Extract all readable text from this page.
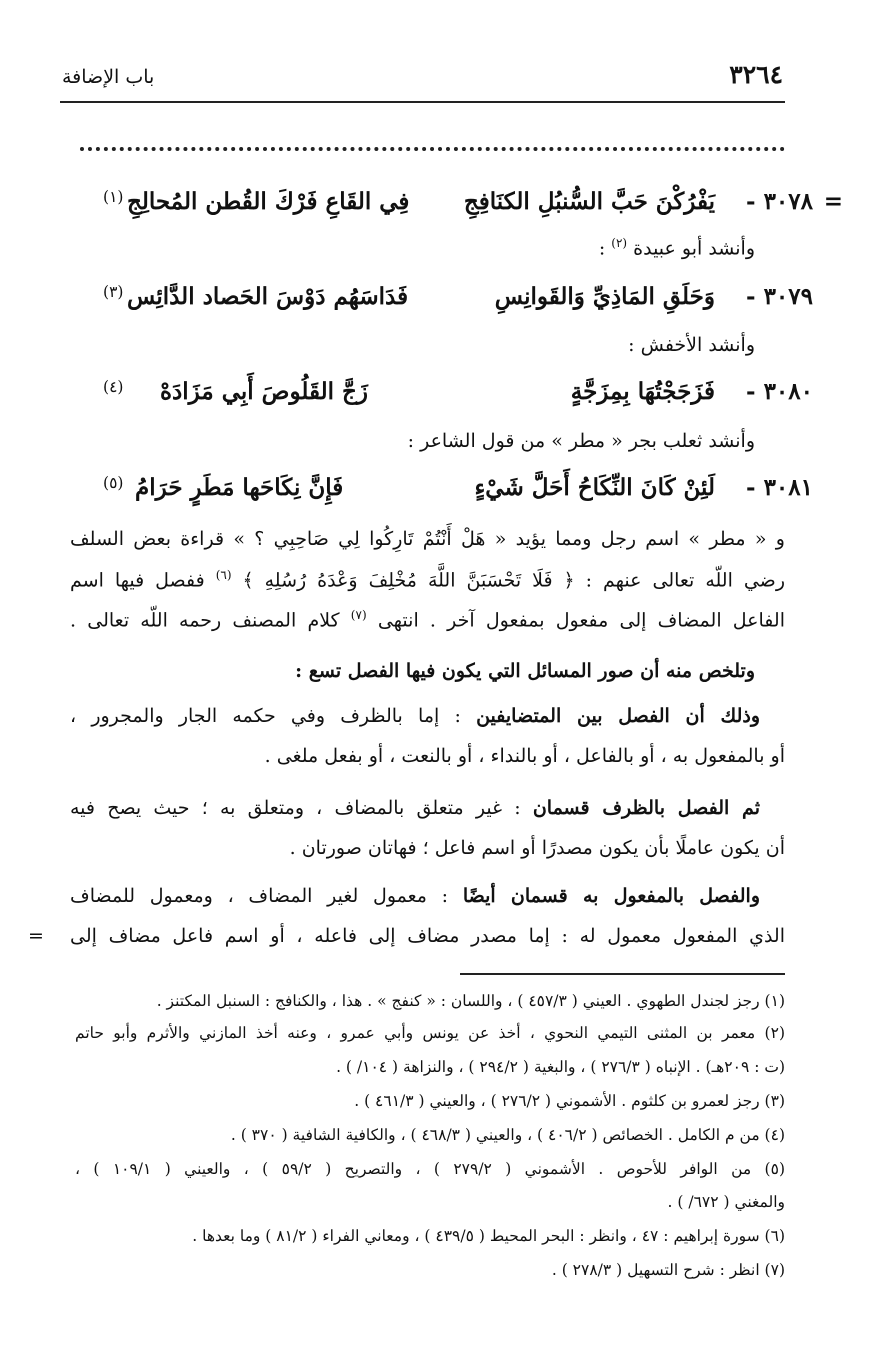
٣٢٦٤
باب الإضافة
=
٣٠٧٨ -
يَفْرُكْنَ حَبَّ السُّنبُلِ الكنَافِجِ
فِي القَاعِ فَرْكَ القُطن المُحالِجِ
(١)
وأنشد أبو عبيدة $^{(٢)}$ :
٣٠٧٩ -
وَحَلَقِ المَاذِيِّ وَالقَوانِسِ
فَدَاسَهُم دَوْسَ الحَصاد الدَّائِس
(٣)
وأنشد الأخفش :
٣٠٨٠ -
فَزَجَجْتُهَا بِمِزَجَّةٍ
زَجَّ القَلُوصَ أَبِي مَزَادَهْ
(٤)
وأنشد ثعلب بجر « مطر » من قول الشاعر :
٣٠٨١ -
لَئِنْ كَانَ النِّكَاحُ أَحَلَّ شَيْءٍ
فَإِنَّ نِكَاحَها مَطَرٍ حَرَامُ
(٥)
و « مطر » اسم رجل ومما يؤيد « هَلْ أَنْتُمْ تَارِكُوا لِي صَاحِبِي ؟ » قراءة بعض السلف
رضي اللّه تعالى عنهم : ﴿ فَلَا تَحْسَبَنَّ اللَّهَ مُخْلِفَ وَعْدَهُ رُسُلِهِ ﴾ $^{(٦)}$ ففصل فيها اسم
الفاعل المضاف إلى مفعول بمفعول آخر . انتهى $^{(٧)}$ كلام المصنف رحمه اللّه تعالى .
وتلخص منه أن صور المسائل التي يكون فيها الفصل تسع :
وذلك أن الفصل بين المتضايفين : إما بالظرف وفي حكمه الجار والمجرور ،
أو بالمفعول به ، أو بالفاعل ، أو بالنداء ، أو بالنعت ، أو بفعل ملغى .
ثم الفصل بالظرف قسمان : غير متعلق بالمضاف ، ومتعلق به ؛ حيث يصح فيه
أن يكون عاملًا بأن يكون مصدرًا أو اسم فاعل ؛ فهاتان صورتان .
والفصل بالمفعول به قسمان أيضًا : معمول لغير المضاف ، ومعمول للمضاف
الذي المفعول معمول له : إما مصدر مضاف إلى فاعله ، أو اسم فاعل مضاف إلى
=
(١) رجز لجندل الطهوي . العيني ( ٤٥٧/٣ ) ، واللسان : « كنفج » . هذا ، والكنافج : السنبل المكتنز .
(٢) معمر بن المثنى التيمي النحوي ، أخذ عن يونس وأبي عمرو ، وعنه أخذ المازني والأثرم وأبو حاتم
(ت : ٢٠٩هـ) . الإنباه ( ٢٧٦/٣ ) ، والبغية ( ٢٩٤/٢ ) ، والنزاهة ( ١٠٤/ ) .
(٣) رجز لعمرو بن كلثوم . الأشموني ( ٢٧٦/٢ ) ، والعيني ( ٤٦١/٣ ) .
(٤) من م الكامل . الخصائص ( ٤٠٦/٢ ) ، والعيني ( ٤٦٨/٣ ) ، والكافية الشافية ( ٣٧٠ ) .
(٥) من الوافر للأحوص . الأشموني ( ٢٧٩/٢ ) ، والتصريح ( ٥٩/٢ ) ، والعيني ( ١٠٩/١ ) ،
والمغني ( ٦٧٢/ ) .
(٦) سورة إبراهيم : ٤٧ ، وانظر : البحر المحيط ( ٤٣٩/٥ ) ، ومعاني الفراء ( ٨١/٢ ) وما بعدها .
(٧) انظر : شرح التسهيل ( ٢٧٨/٣ ) .
